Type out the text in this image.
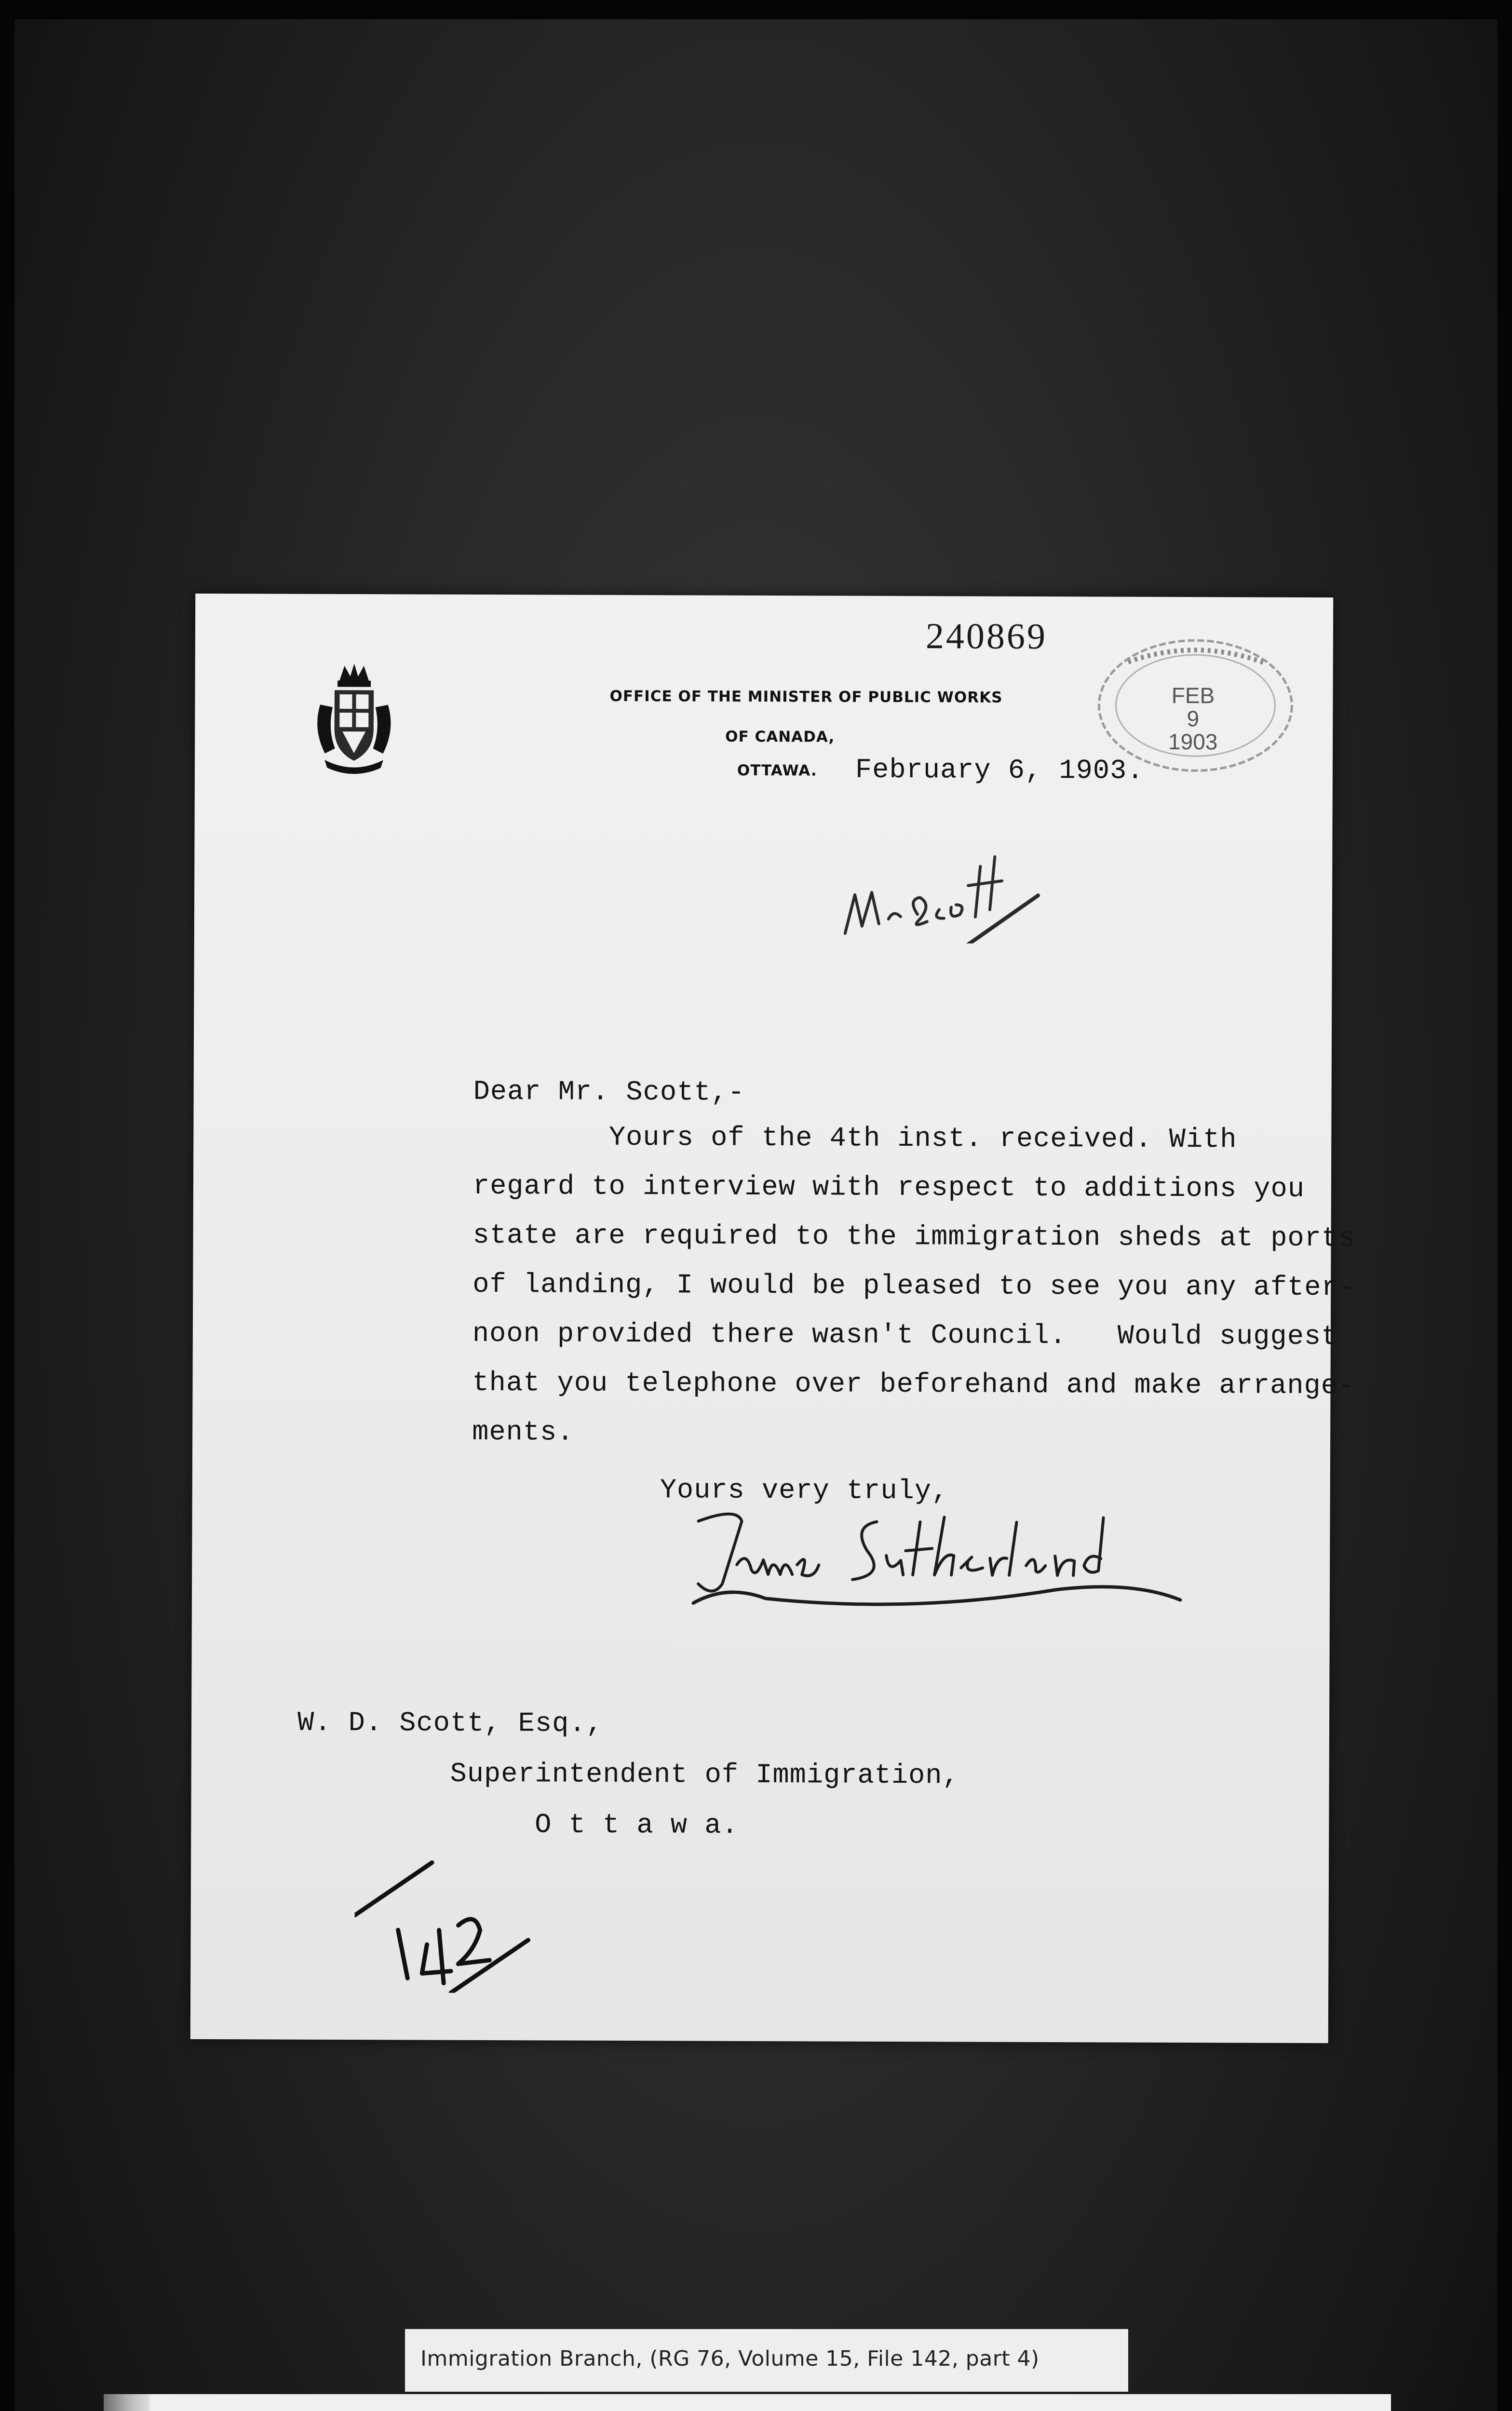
240869
OFFICE OF THE MINISTER OF PUBLIC WORKS
OF CANADA,
OTTAWA. February 6, 1903.
FEB
9
1903
Dear Mr. Scott,-
Yours of the 4th inst. received. With
regard to interview with respect to additions you
state are required to the immigration sheds at ports
of landing, I would be pleased to see you any after-
noon provided there wasn't Council.   Would suggest
that you telephone over beforehand and make arrange-
ments.
Yours very truly,
W. D. Scott, Esq.,
Superintendent of Immigration,
O t t a w a.
Immigration Branch, (RG 76, Volume 15, File 142, part 4)
